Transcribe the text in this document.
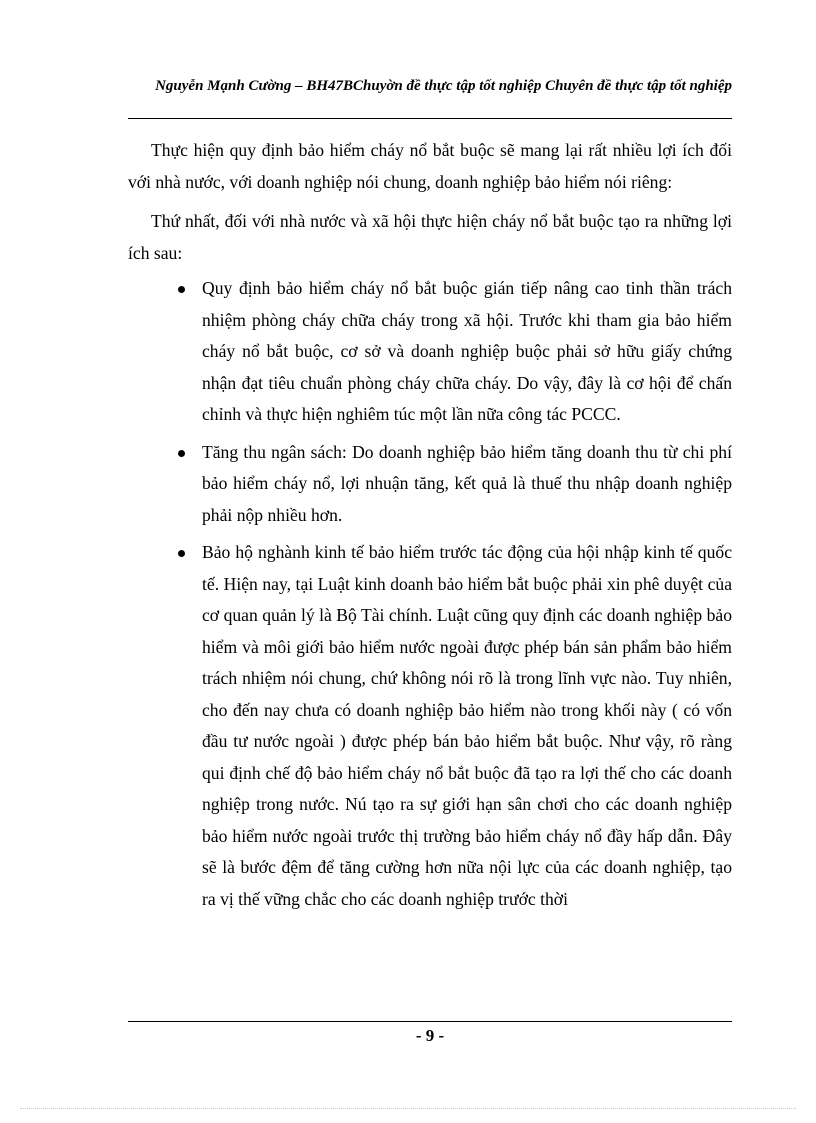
Nguyễn Mạnh Cường – BH47BChuyờn đề thực tập tốt nghiệp Chuyên đề thực tập tốt nghiệp

Thực hiện quy định bảo hiểm cháy nổ bắt buộc sẽ mang lại rất nhiều lợi ích đối với nhà nước, với doanh nghiệp nói chung, doanh nghiệp bảo hiểm nói riêng:

Thứ nhất, đối với nhà nước và xã hội thực hiện cháy nổ bắt buộc tạo ra những lợi ích sau:

Quy định bảo hiểm cháy nổ bắt buộc gián tiếp nâng cao tinh thần trách nhiệm phòng cháy chữa cháy trong xã hội. Trước khi tham gia bảo hiểm cháy nổ bắt buộc, cơ sở và doanh nghiệp buộc phải sở hữu giấy chứng nhận đạt tiêu chuẩn phòng cháy chữa cháy. Do vậy, đây là cơ hội để chấn chỉnh và thực hiện nghiêm túc một lần nữa công tác PCCC.
Tăng thu ngân sách: Do doanh nghiệp bảo hiểm tăng doanh thu từ chi phí bảo hiểm cháy nổ, lợi nhuận tăng, kết quả là thuế thu nhập doanh nghiệp phải nộp nhiều hơn.
Bảo hộ nghành kinh tế bảo hiểm trước tác động của hội nhập kinh tế quốc tế. Hiện nay, tại Luật kinh doanh bảo hiểm bắt buộc phải xin phê duyệt của cơ quan quản lý là Bộ Tài chính. Luật cũng quy định các doanh nghiệp bảo hiểm và môi giới bảo hiểm nước ngoài được phép bán sản phẩm bảo hiểm trách nhiệm nói chung, chứ không nói rõ là trong lĩnh vực nào. Tuy nhiên, cho đến nay chưa có doanh nghiệp bảo hiểm nào trong khối này ( có vốn đầu tư nước ngoài ) được phép bán bảo hiểm bắt buộc. Như vậy, rõ ràng qui định chế độ bảo hiểm cháy nổ bắt buộc đã tạo ra lợi thế cho các doanh nghiệp trong nước. Nú tạo ra sự giới hạn sân chơi cho các doanh nghiệp bảo hiểm nước ngoài trước thị trường bảo hiểm cháy nổ đầy hấp dẫn. Đây sẽ là bước đệm để tăng cường hơn nữa nội lực của các doanh nghiệp, tạo ra vị thế vững chắc cho các doanh nghiệp trước thời
- 9 -
